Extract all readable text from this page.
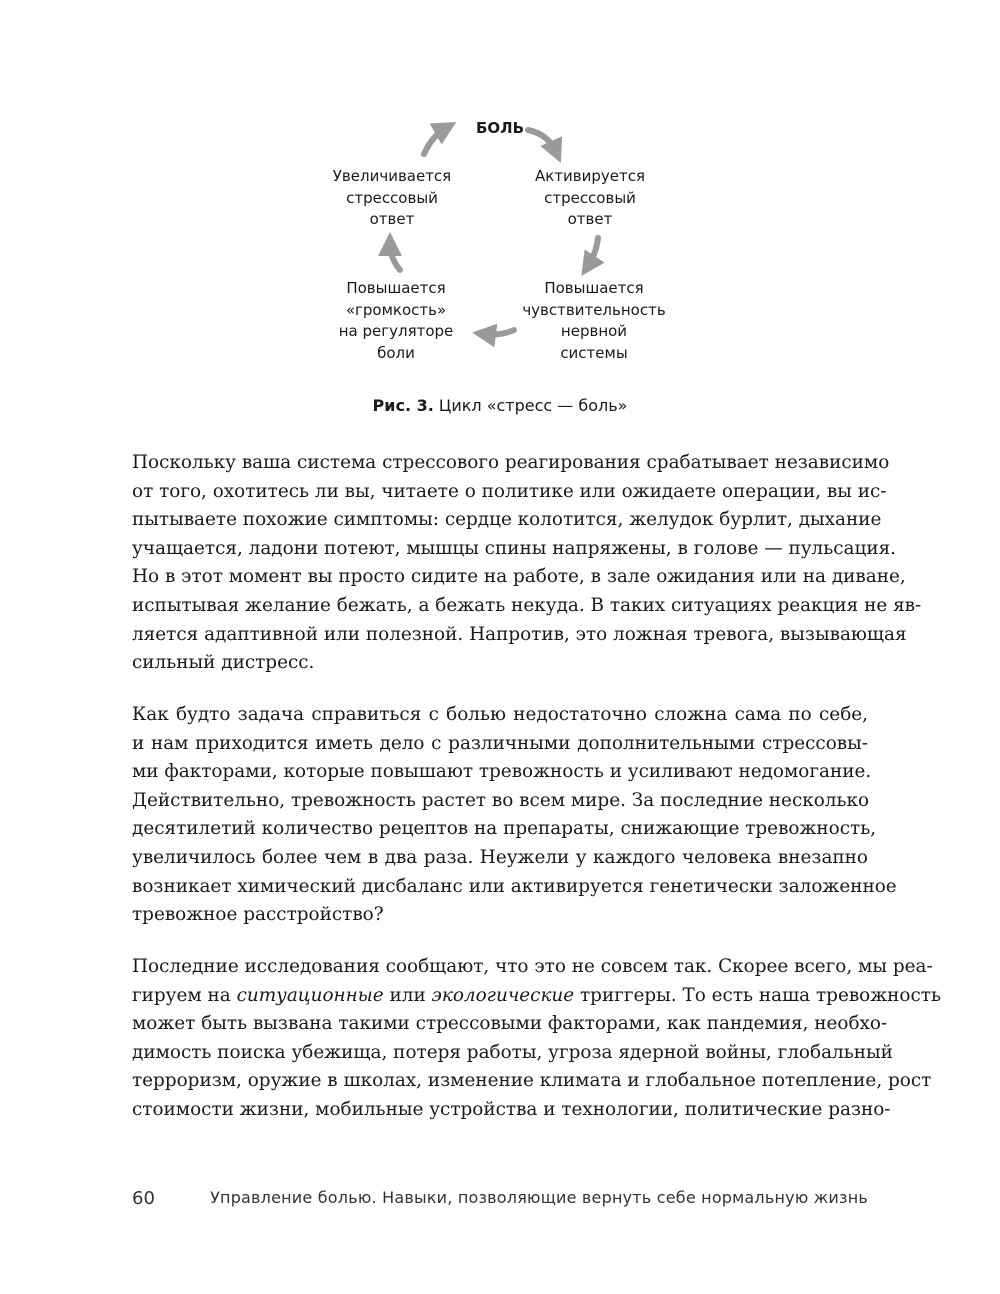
БОЛЬ
Активируется
стрессовый
ответ
Повышается
чувствительность
нервной
системы
Повышается
«громкость»
на регуляторе
боли
Увеличивается
стрессовый
ответ
Рис. 3. Цикл «стресс — боль»
Поскольку ваша система стрессового реагирования срабатывает независимо
от того, охотитесь ли вы, читаете о политике или ожидаете операции, вы ис-
пытываете похожие симптомы: сердце колотится, желудок бурлит, дыхание
учащается, ладони потеют, мышцы спины напряжены, в голове — пульсация.
Но в этот момент вы просто сидите на работе, в зале ожидания или на диване,
испытывая желание бежать, а бежать некуда. В таких ситуациях реакция не яв-
ляется адаптивной или полезной. Напротив, это ложная тревога, вызывающая
сильный дистресс.
Как будто задача справиться с болью недостаточно сложна сама по себе,
и нам приходится иметь дело с различными дополнительными стрессовы-
ми факторами, которые повышают тревожность и усиливают недомогание.
Действительно, тревожность растет во всем мире. За последние несколько
десятилетий количество рецептов на препараты, снижающие тревожность,
увеличилось более чем в два раза. Неужели у каждого человека внезапно
возникает химический дисбаланс или активируется генетически заложенное
тревожное расстройство?
Последние исследования сообщают, что это не совсем так. Скорее всего, мы реа-
гируем на ситуационные или экологические триггеры. То есть наша тревожность
может быть вызвана такими стрессовыми факторами, как пандемия, необхо-
димость поиска убежища, потеря работы, угроза ядерной войны, глобальный
терроризм, оружие в школах, изменение климата и глобальное потепление, рост
стоимости жизни, мобильные устройства и технологии, политические разно-
60	Управление болью. Навыки, позволяющие вернуть себе нормальную жизнь
